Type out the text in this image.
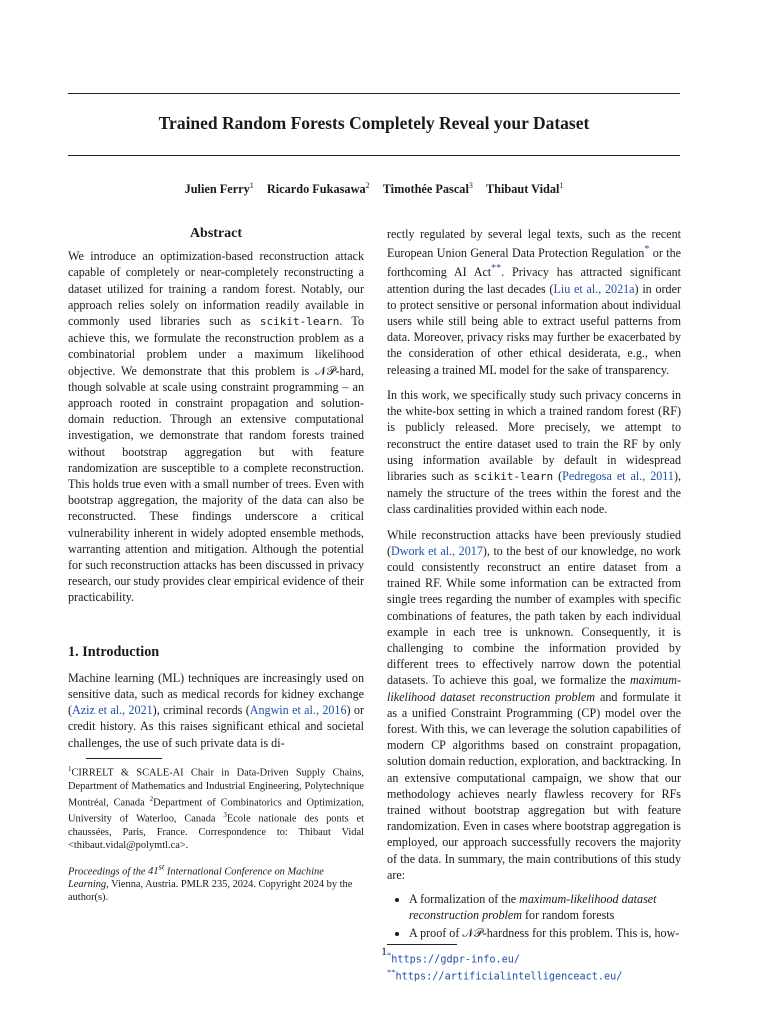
Trained Random Forests Completely Reveal your Dataset
Julien Ferry$^1$ Ricardo Fukasawa$^2$ Timothée Pascal$^3$ Thibaut Vidal$^1$
Abstract

We introduce an optimization-based reconstruction attack capable of completely or near-completely reconstructing a dataset utilized for training a random forest. Notably, our approach relies solely on information readily available in commonly used libraries such as scikit-learn. To achieve this, we formulate the reconstruction problem as a combinatorial problem under a maximum likelihood objective. We demonstrate that this problem is 𝒩𝒫-hard, though solvable at scale using constraint programming – an approach rooted in constraint propagation and solution-domain reduction. Through an extensive computational investigation, we demonstrate that random forests trained without bootstrap aggregation but with feature randomization are susceptible to a complete reconstruction. This holds true even with a small number of trees. Even with bootstrap aggregation, the majority of the data can also be reconstructed. These findings underscore a critical vulnerability inherent in widely adopted ensemble methods, warranting attention and mitigation. Although the potential for such reconstruction attacks has been discussed in privacy research, our study provides clear empirical evidence of their practicability.

1. Introduction

Machine learning (ML) techniques are increasingly used on sensitive data, such as medical records for kidney exchange (Aziz et al., 2021), criminal records (Angwin et al., 2016) or credit history. As this raises significant ethical and societal challenges, the use of such private data is di-

$^1$CIRRELT & SCALE-AI Chair in Data-Driven Supply Chains, Department of Mathematics and Industrial Engineering, Polytechnique Montréal, Canada $^2$Department of Combinatorics and Optimization, University of Waterloo, Canada $^3$Ecole nationale des ponts et chaussées, Paris, France. Correspondence to: Thibaut Vidal <thibaut.vidal@polymtl.ca>.
Proceedings of the 41st International Conference on Machine Learning, Vienna, Austria. PMLR 235, 2024. Copyright 2024 by the author(s).

rectly regulated by several legal texts, such as the recent European Union General Data Protection Regulation* or the forthcoming AI Act**. Privacy has attracted significant attention during the last decades (Liu et al., 2021a) in order to protect sensitive or personal information about individual users while still being able to extract useful patterns from data. Moreover, privacy risks may further be exacerbated by the consideration of other ethical desiderata, e.g., when releasing a trained ML model for the sake of transparency.

In this work, we specifically study such privacy concerns in the white-box setting in which a trained random forest (RF) is publicly released. More precisely, we attempt to reconstruct the entire dataset used to train the RF by only using information available by default in widespread libraries such as scikit-learn (Pedregosa et al., 2011), namely the structure of the trees within the forest and the class cardinalities provided within each node.

While reconstruction attacks have been previously studied (Dwork et al., 2017), to the best of our knowledge, no work could consistently reconstruct an entire dataset from a trained RF. While some information can be extracted from single trees regarding the number of examples with specific combinations of features, the path taken by each individual example in each tree is unknown. Consequently, it is challenging to combine the information provided by different trees to effectively narrow down the potential datasets. To achieve this goal, we formalize the maximum-likelihood dataset reconstruction problem and formulate it as a unified Constraint Programming (CP) model over the forest. With this, we can leverage the solution capabilities of modern CP algorithms based on constraint propagation, solution domain reduction, exploration, and backtracking. In an extensive computational campaign, we show that our methodology achieves nearly flawless recovery for RFs trained without bootstrap aggregation but with feature randomization. Even in cases where bootstrap aggregation is employed, our approach successfully recovers the majority of the data. In summary, the main contributions of this study are:

• A formalization of the maximum-likelihood dataset reconstruction problem for random forests
• A proof of 𝒩𝒫-hardness for this problem. This is, how-
*https://gdpr-info.eu/
**https://artificialintelligenceact.eu/
1
